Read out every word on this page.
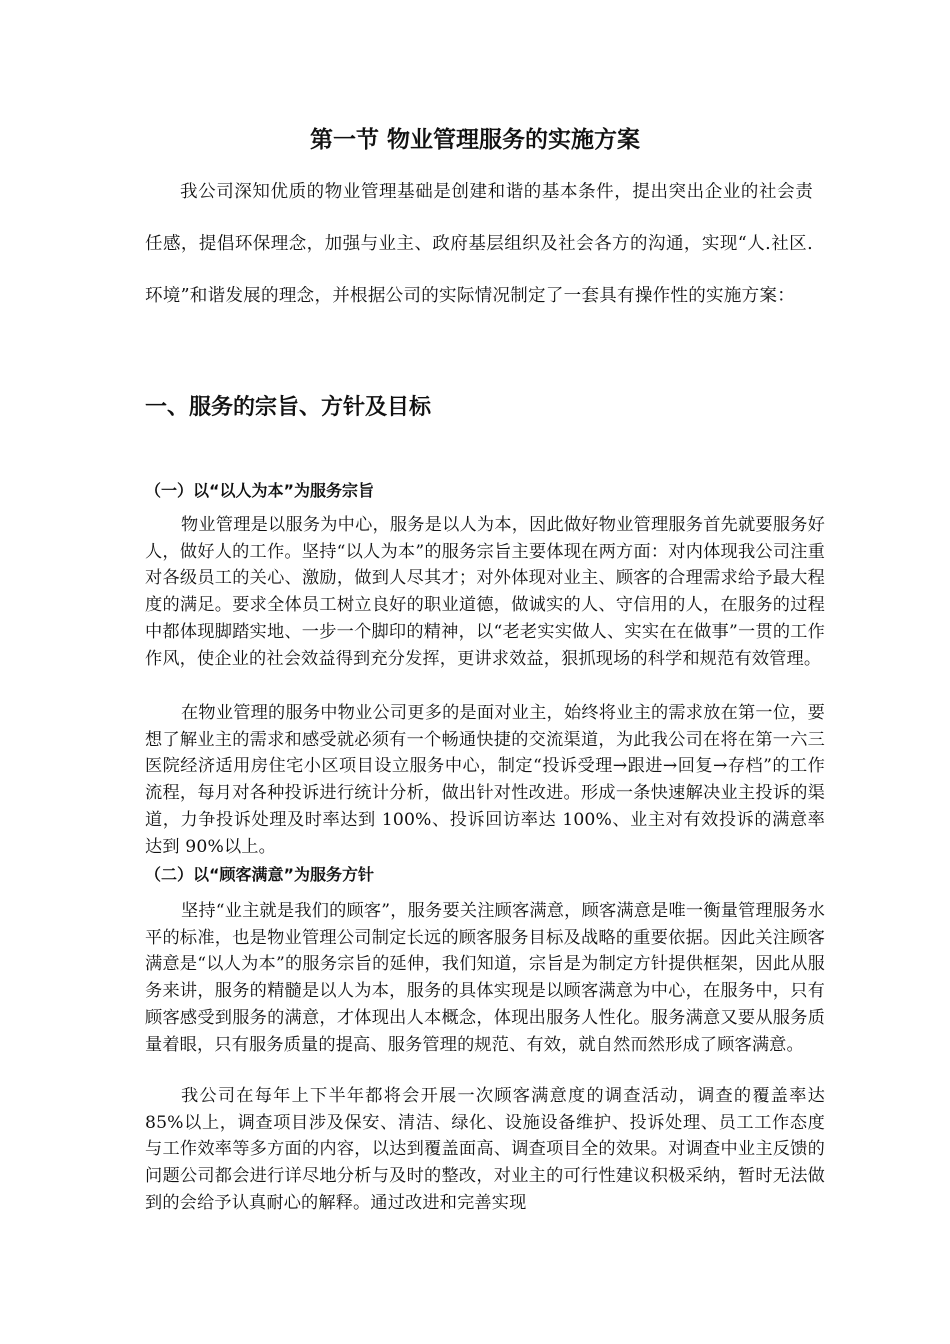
第一节 物业管理服务的实施方案

我公司深知优质的物业管理基础是创建和谐的基本条件，提出突出企业的社会责任感，提倡环保理念，加强与业主、政府基层组织及社会各方的沟通，实现“人.社区.环境”和谐发展的理念，并根据公司的实际情况制定了一套具有操作性的实施方案：

一、服务的宗旨、方针及目标
（一）以“以人为本”为服务宗旨

物业管理是以服务为中心，服务是以人为本，因此做好物业管理服务首先就要服务好人，做好人的工作。坚持“以人为本”的服务宗旨主要体现在两方面：对内体现我公司注重对各级员工的关心、激励，做到人尽其才；对外体现对业主、顾客的合理需求给予最大程度的满足。要求全体员工树立良好的职业道德，做诚实的人、守信用的人，在服务的过程中都体现脚踏实地、一步一个脚印的精神，以“老老实实做人、实实在在做事”一贯的工作作风，使企业的社会效益得到充分发挥，更讲求效益，狠抓现场的科学和规范有效管理。

在物业管理的服务中物业公司更多的是面对业主，始终将业主的需求放在第一位，要想了解业主的需求和感受就必须有一个畅通快捷的交流渠道，为此我公司在将在第一六三医院经济适用房住宅小区项目设立服务中心，制定“投诉受理→跟进→回复→存档”的工作流程，每月对各种投诉进行统计分析，做出针对性改进。形成一条快速解决业主投诉的渠道，力争投诉处理及时率达到 100%、投诉回访率达 100%、业主对有效投诉的满意率达到 90%以上。

（二）以“顾客满意”为服务方针

坚持“业主就是我们的顾客”，服务要关注顾客满意，顾客满意是唯一衡量管理服务水平的标准，也是物业管理公司制定长远的顾客服务目标及战略的重要依据。因此关注顾客满意是“以人为本”的服务宗旨的延伸，我们知道，宗旨是为制定方针提供框架，因此从服务来讲，服务的精髓是以人为本，服务的具体实现是以顾客满意为中心，在服务中，只有顾客感受到服务的满意，才体现出人本概念，体现出服务人性化。服务满意又要从服务质量着眼，只有服务质量的提高、服务管理的规范、有效，就自然而然形成了顾客满意。

我公司在每年上下半年都将会开展一次顾客满意度的调查活动，调查的覆盖率达 85%以上，调查项目涉及保安、清洁、绿化、设施设备维护、投诉处理、员工工作态度与工作效率等多方面的内容，以达到覆盖面高、调查项目全的效果。对调查中业主反馈的问题公司都会进行详尽地分析与及时的整改，对业主的可行性建议积极采纳，暂时无法做到的会给予认真耐心的解释。通过改进和完善实现
